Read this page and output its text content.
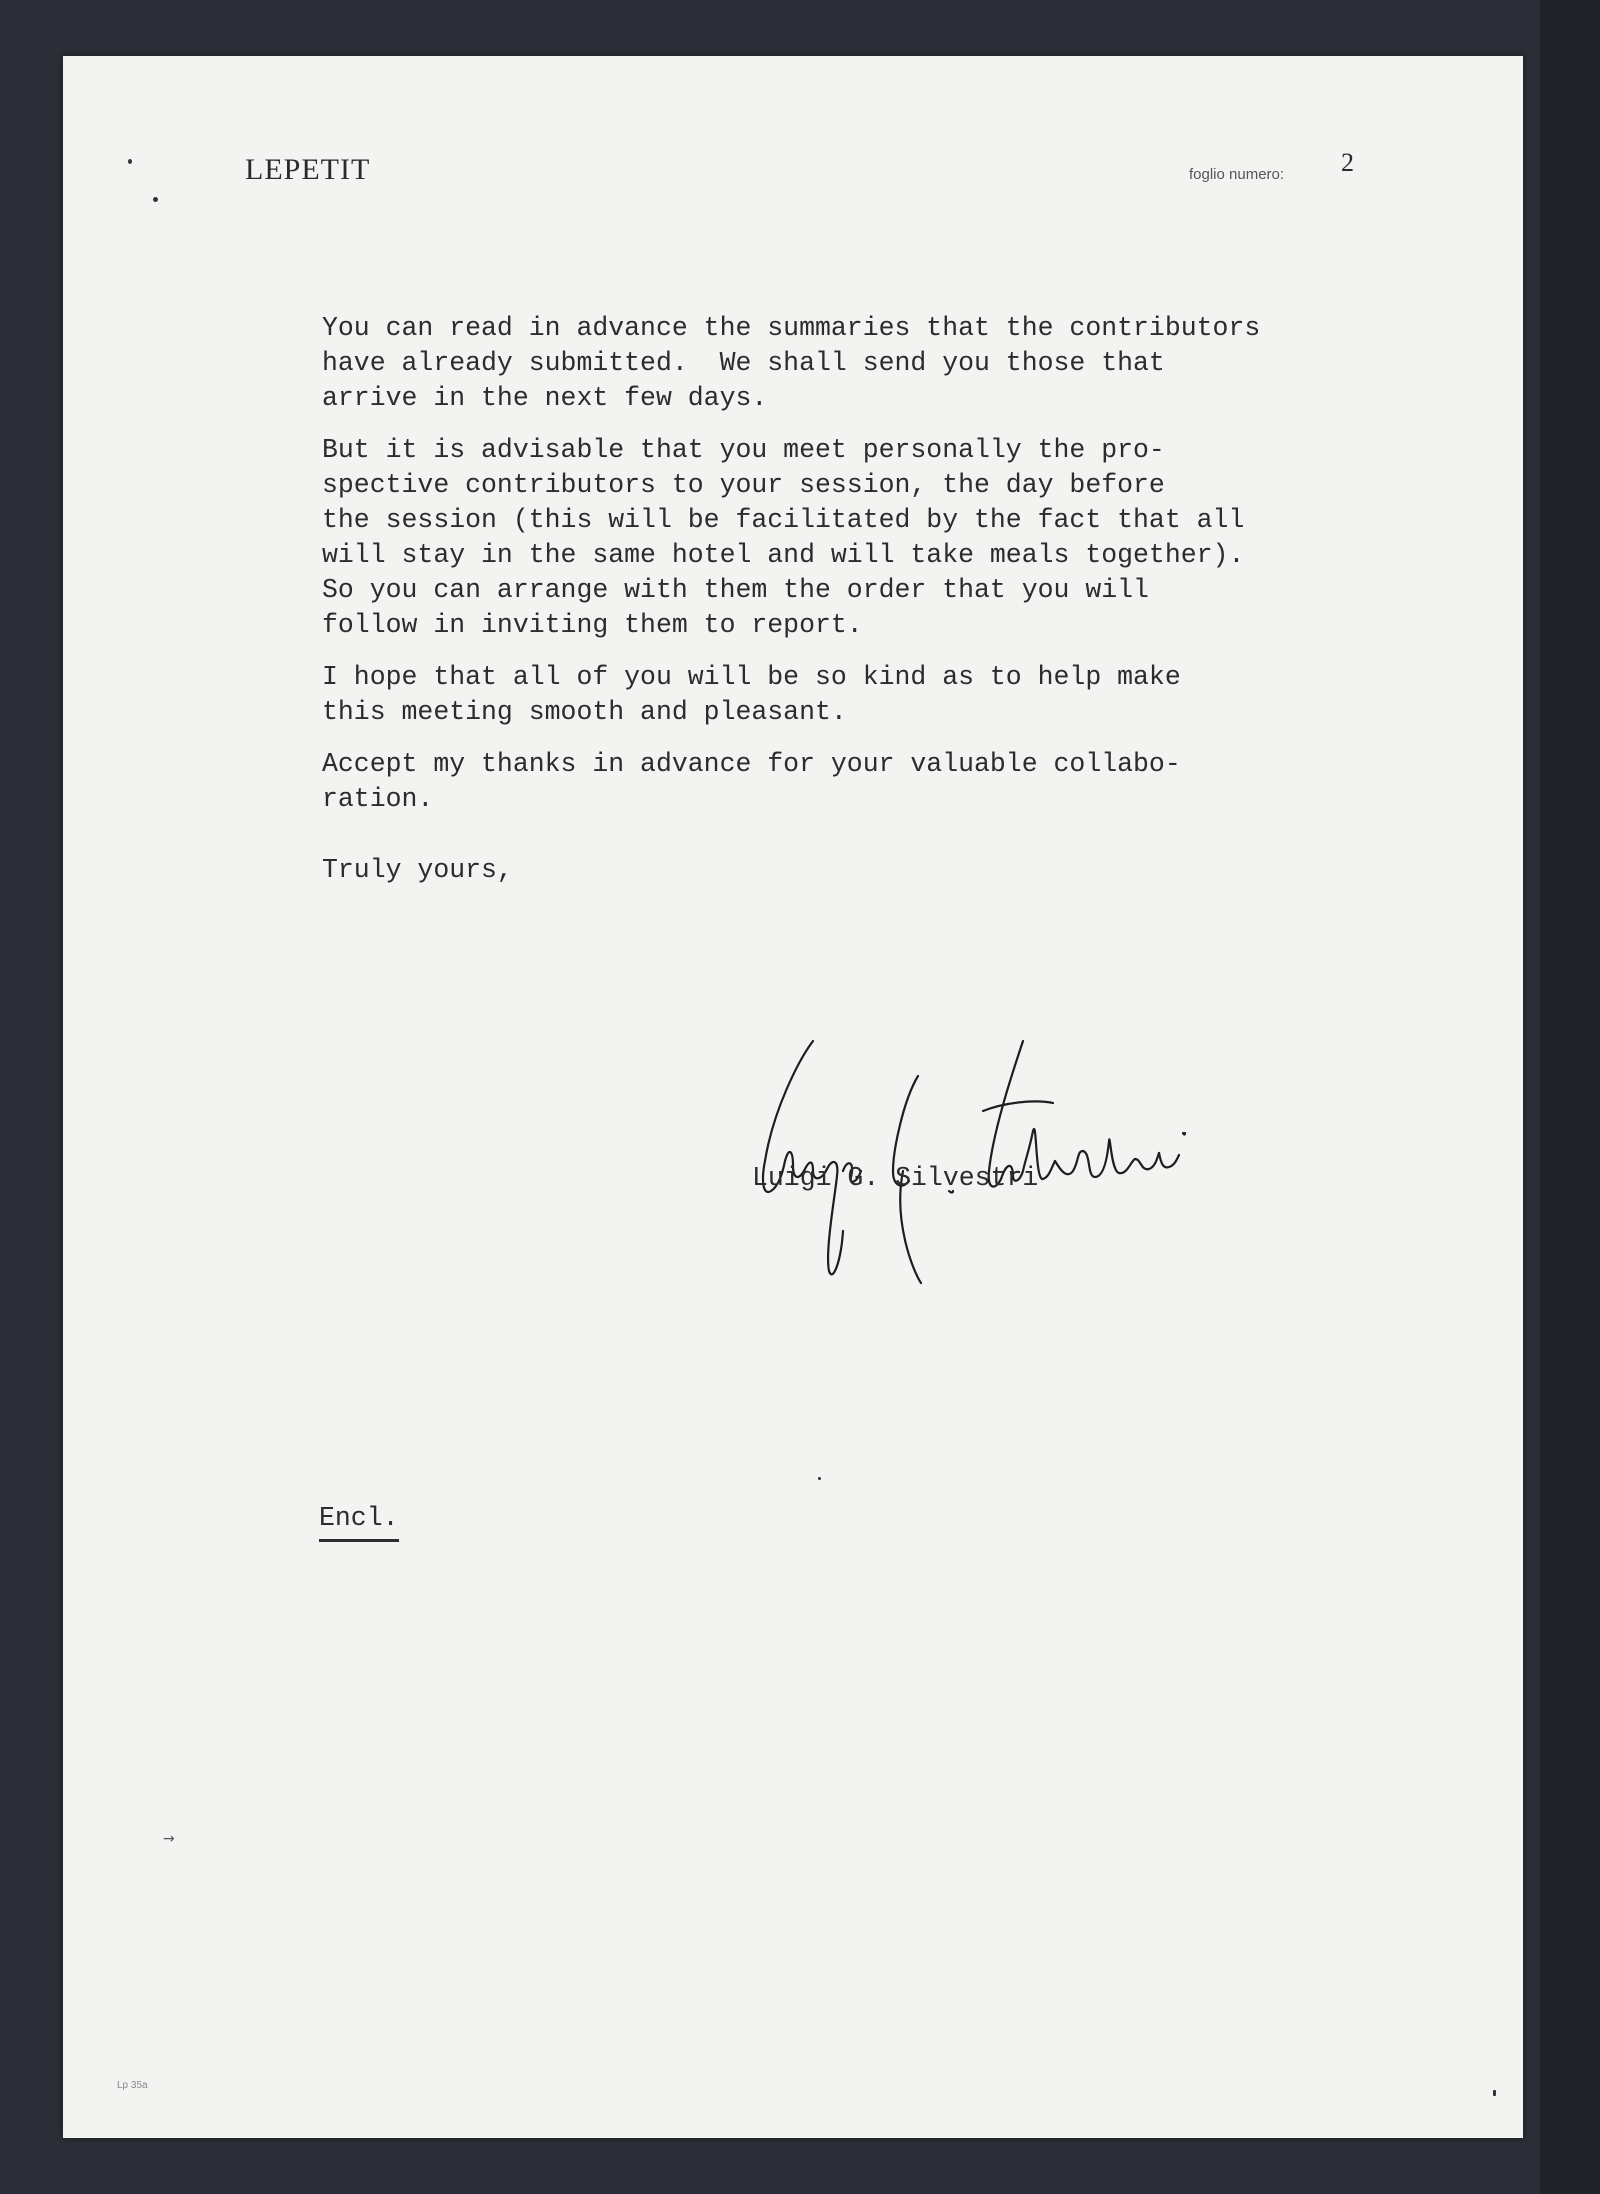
LEPETIT	foglio numero: 2
You can read in advance the summaries that the contributors
have already submitted.  We shall send you those that
arrive in the next few days.
But it is advisable that you meet personally the pro-
spective contributors to your session, the day before
the session (this will be facilitated by the fact that all
will stay in the same hotel and will take meals together).
So you can arrange with them the order that you will
follow in inviting them to report.
I hope that all of you will be so kind as to help make
this meeting smooth and pleasant.
Accept my thanks in advance for your valuable collabo-
ration.
Truly yours,
Luigi G. Silvestri
Encl.
→
Lp 35a
